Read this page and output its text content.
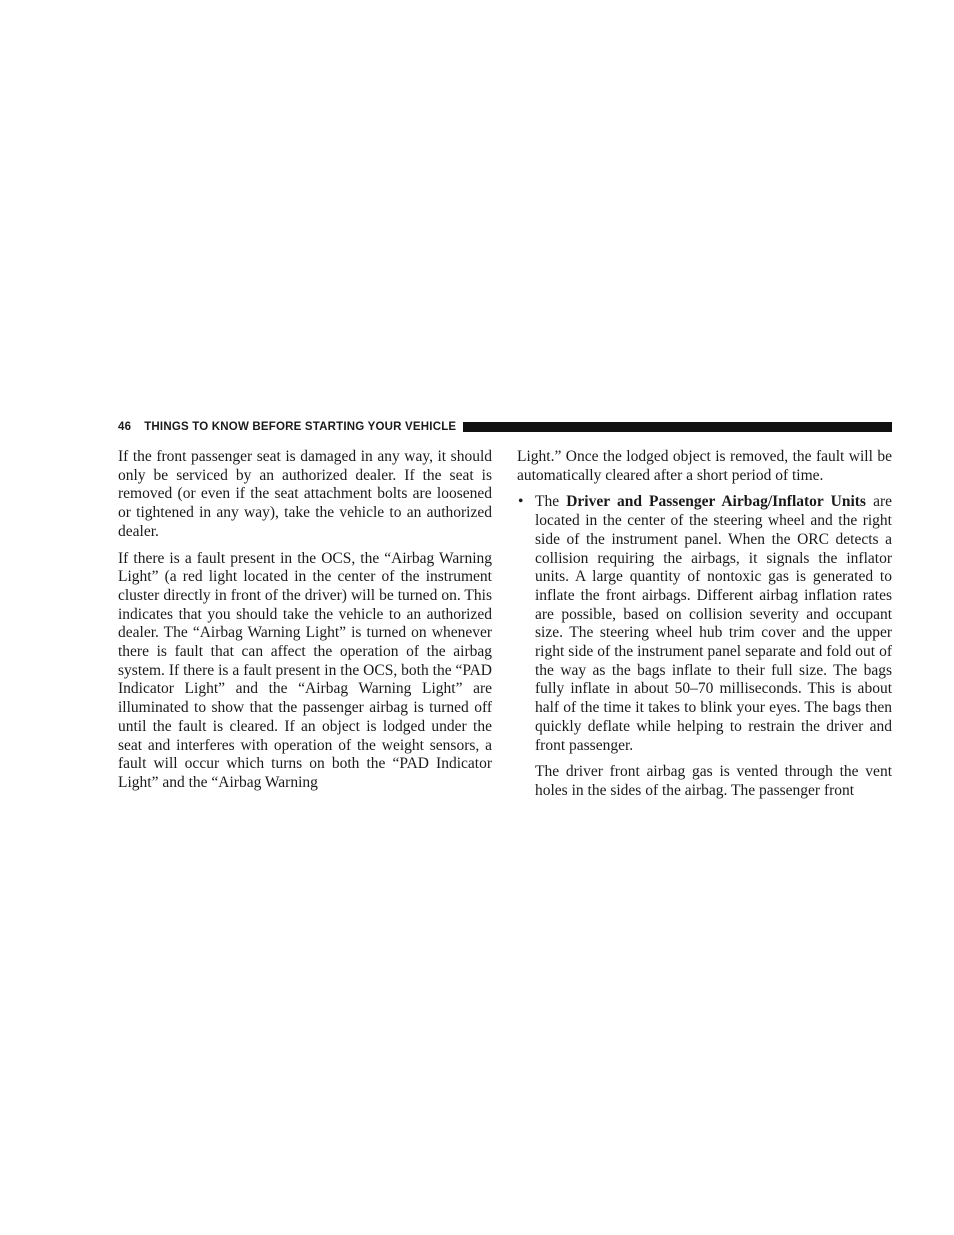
46 THINGS TO KNOW BEFORE STARTING YOUR VEHICLE

If the front passenger seat is damaged in any way, it should only be serviced by an authorized dealer. If the seat is removed (or even if the seat attachment bolts are loosened or tightened in any way), take the vehicle to an authorized dealer.

If there is a fault present in the OCS, the “Airbag Warning Light” (a red light located in the center of the instrument cluster directly in front of the driver) will be turned on. This indicates that you should take the vehicle to an authorized dealer. The “Airbag Warning Light” is turned on whenever there is fault that can affect the operation of the airbag system. If there is a fault present in the OCS, both the “PAD Indicator Light” and the “Airbag Warning Light” are illuminated to show that the passenger airbag is turned off until the fault is cleared. If an object is lodged under the seat and interferes with operation of the weight sensors, a fault will occur which turns on both the “PAD Indicator Light” and the “Airbag Warning

Light.” Once the lodged object is removed, the fault will be automatically cleared after a short period of time.

• The Driver and Passenger Airbag/Inflator Units are located in the center of the steering wheel and the right side of the instrument panel. When the ORC detects a collision requiring the airbags, it signals the inflator units. A large quantity of nontoxic gas is generated to inflate the front airbags. Different airbag inflation rates are possible, based on collision severity and occupant size. The steering wheel hub trim cover and the upper right side of the instrument panel separate and fold out of the way as the bags inflate to their full size. The bags fully inflate in about 50–70 milliseconds. This is about half of the time it takes to blink your eyes. The bags then quickly deflate while helping to restrain the driver and front passenger.

The driver front airbag gas is vented through the vent holes in the sides of the airbag. The passenger front
